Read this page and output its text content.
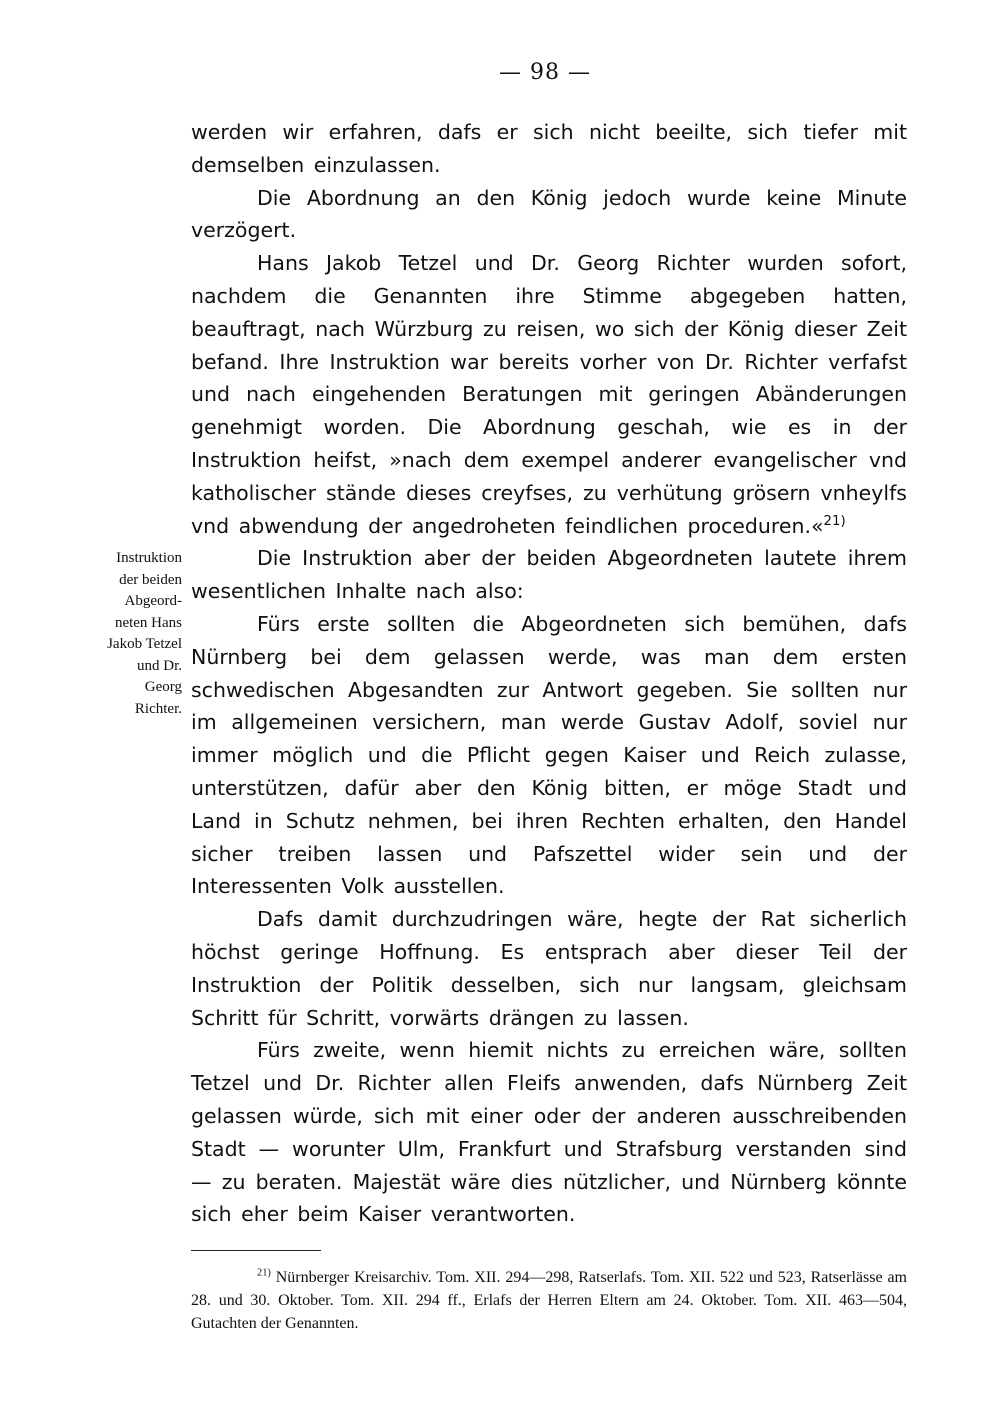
— 98 —
Instruktion
der beiden
Abgeord-
neten Hans
Jakob Tetzel
und Dr.
Georg
Richter.

werden wir erfahren, dafs er sich nicht beeilte, sich tiefer mit demselben einzulassen.

Die Abordnung an den König jedoch wurde keine Minute verzögert.

Hans Jakob Tetzel und Dr. Georg Richter wurden sofort, nachdem die Genannten ihre Stimme abgegeben hatten, beauftragt, nach Würzburg zu reisen, wo sich der König dieser Zeit befand. Ihre Instruktion war bereits vorher von Dr. Richter verfafst und nach eingehenden Beratungen mit geringen Abänderungen genehmigt worden. Die Abordnung geschah, wie es in der Instruktion heifst, »nach dem exempel anderer evangelischer vnd katholischer stände dieses creyfses, zu verhütung grösern vnheylfs vnd abwendung der angedroheten feindlichen proceduren.«$^{21)}$

Die Instruktion aber der beiden Abgeordneten lautete ihrem wesentlichen Inhalte nach also:

Fürs erste sollten die Abgeordneten sich bemühen, dafs Nürnberg bei dem gelassen werde, was man dem ersten schwedischen Abgesandten zur Antwort gegeben. Sie sollten nur im allgemeinen versichern, man werde Gustav Adolf, soviel nur immer möglich und die Pflicht gegen Kaiser und Reich zulasse, unterstützen, dafür aber den König bitten, er möge Stadt und Land in Schutz nehmen, bei ihren Rechten erhalten, den Handel sicher treiben lassen und Pafszettel wider sein und der Interessenten Volk ausstellen.

Dafs damit durchzudringen wäre, hegte der Rat sicherlich höchst geringe Hoffnung. Es entsprach aber dieser Teil der Instruktion der Politik desselben, sich nur langsam, gleichsam Schritt für Schritt, vorwärts drängen zu lassen.

Fürs zweite, wenn hiemit nichts zu erreichen wäre, sollten Tetzel und Dr. Richter allen Fleifs anwenden, dafs Nürnberg Zeit gelassen würde, sich mit einer oder der anderen ausschreibenden Stadt — worunter Ulm, Frankfurt und Strafsburg verstanden sind — zu beraten. Majestät wäre dies nützlicher, und Nürnberg könnte sich eher beim Kaiser verantworten.

$^{21)}$ Nürnberger Kreisarchiv. Tom. XII. 294—298, Ratserlafs. Tom. XII. 522 und 523, Ratserlässe am 28. und 30. Oktober. Tom. XII. 294 ff., Erlafs der Herren Eltern am 24. Oktober. Tom. XII. 463—504, Gutachten der Genannten.
